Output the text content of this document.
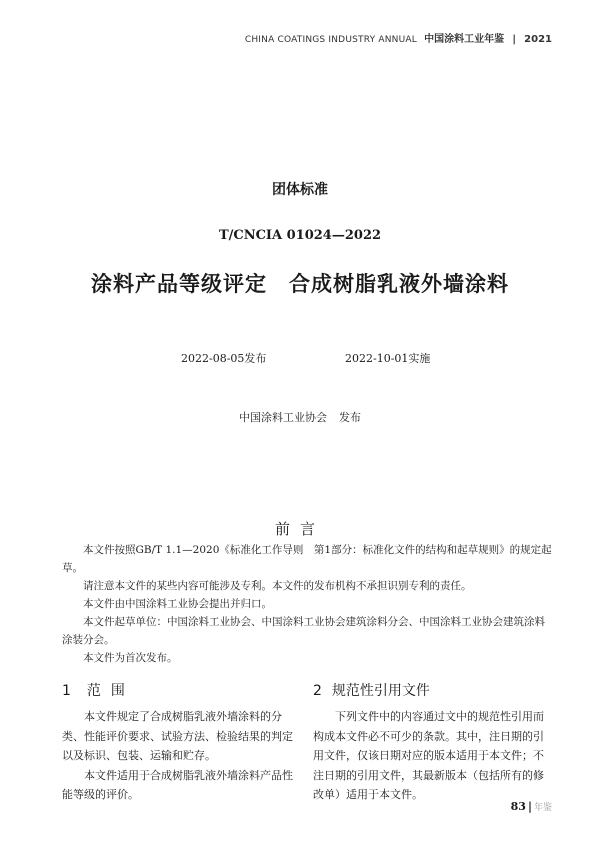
CHINA COATINGS INDUSTRY ANNUAL 中国涂料工业年鉴 | 2021
团体标准
T/CNCIA 01024—2022
涂料产品等级评定 合成树脂乳液外墙涂料
2022-08-05发布	2022-10-01实施
中国涂料工业协会 发布
前言

本文件按照GB/T 1.1—2020《标准化工作导则　第1部分：标准化文件的结构和起草规则》的规定起草。

请注意本文件的某些内容可能涉及专利。本文件的发布机构不承担识别专利的责任。

本文件由中国涂料工业协会提出并归口。

本文件起草单位：中国涂料工业协会、中国涂料工业协会建筑涂料分会、中国涂料工业协会建筑涂料涂装分会。

本文件为首次发布。

1 范 围	2 规范性引用文件

本文件规定了合成树脂乳液外墙涂料的分类、性能评价要求、试验方法、检验结果的判定以及标识、包装、运输和贮存。

本文件适用于合成树脂乳液外墙涂料产品性能等级的评价。

下列文件中的内容通过文中的规范性引用而构成本文件必不可少的条款。其中，注日期的引用文件，仅该日期对应的版本适用于本文件；不注日期的引用文件，其最新版本（包括所有的修改单）适用于本文件。

83 | 年鉴
